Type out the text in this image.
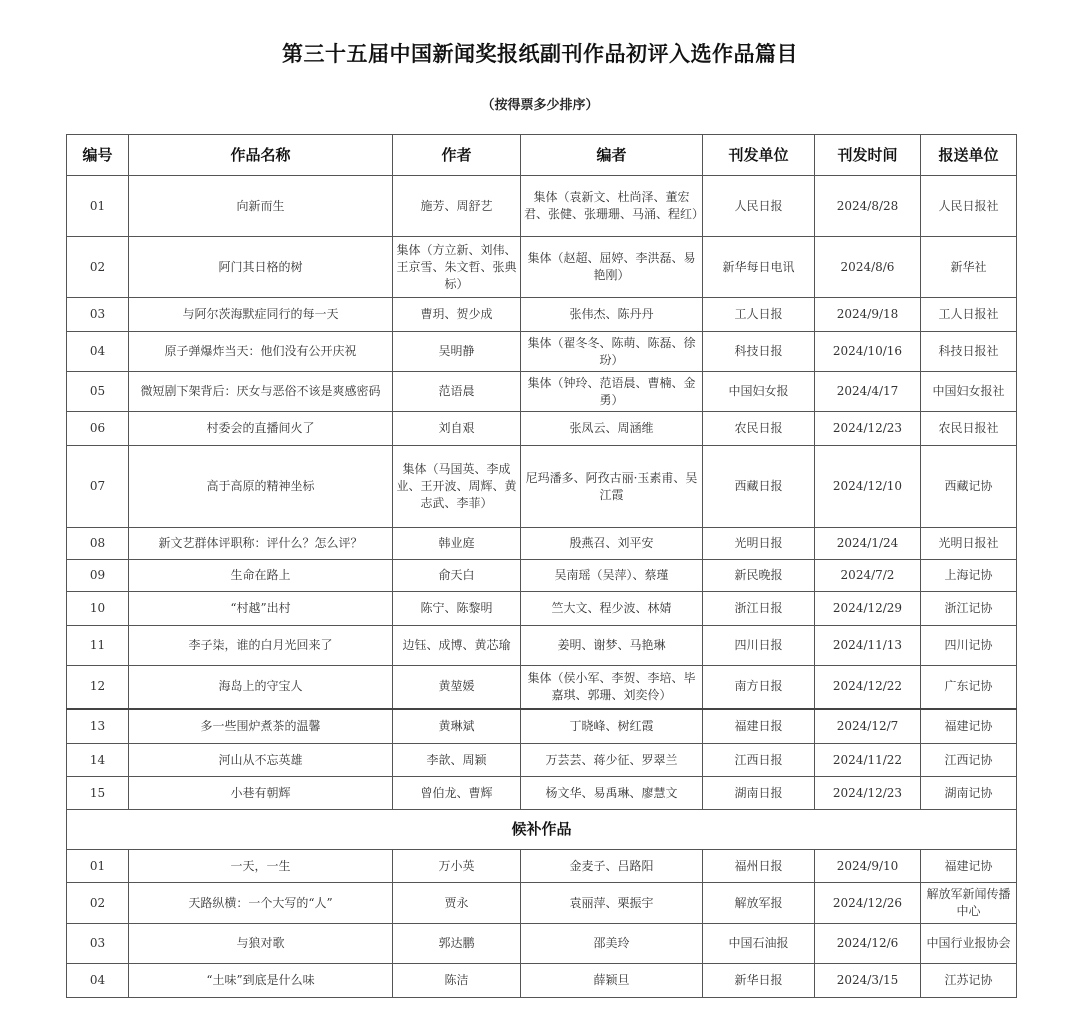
第三十五届中国新闻奖报纸副刊作品初评入选作品篇目
（按得票多少排序）
编号	作品名称	作者	编者	刊发单位	刊发时间	报送单位
01	向新而生	施芳、周舒艺	集体（袁新文、杜尚泽、董宏君、张健、张珊珊、马涌、程红）	人民日报	2024/8/28	人民日报社
02	阿门其日格的树	集体（方立新、刘伟、王京雪、朱文哲、张典标）	集体（赵超、屈婷、李洪磊、易艳刚）	新华每日电讯	2024/8/6	新华社
03	与阿尔茨海默症同行的每一天	曹玥、贺少成	张伟杰、陈丹丹	工人日报	2024/9/18	工人日报社
04	原子弹爆炸当天：他们没有公开庆祝	吴明静	集体（翟冬冬、陈萌、陈磊、徐玢）	科技日报	2024/10/16	科技日报社
05	微短剧下架背后：厌女与恶俗不该是爽感密码	范语晨	集体（钟玲、范语晨、曹楠、金勇）	中国妇女报	2024/4/17	中国妇女报社
06	村委会的直播间火了	刘自艰	张凤云、周涵维	农民日报	2024/12/23	农民日报社
07	高于高原的精神坐标	集体（马国英、李成业、王开波、周辉、黄志武、李菲）	尼玛潘多、阿孜古丽·玉素甫、吴江霞	西藏日报	2024/12/10	西藏记协
08	新文艺群体评职称：评什么？怎么评？	韩业庭	殷燕召、刘平安	光明日报	2024/1/24	光明日报社
09	生命在路上	俞天白	吴南瑶（吴萍）、蔡瑾	新民晚报	2024/7/2	上海记协
10	“村越”出村	陈宁、陈黎明	竺大文、程少波、林婧	浙江日报	2024/12/29	浙江记协
11	李子柒，谁的白月光回来了	边钰、成博、黄芯瑜	姜明、谢梦、马艳琳	四川日报	2024/11/13	四川记协
12	海岛上的守宝人	黄堃媛	集体（侯小军、李贺、李培、毕嘉琪、郭珊、刘奕伶）	南方日报	2024/12/22	广东记协
13	多一些围炉煮茶的温馨	黄琳斌	丁晓峰、树红霞	福建日报	2024/12/7	福建记协
14	河山从不忘英雄	李歆、周颖	万芸芸、蒋少征、罗翠兰	江西日报	2024/11/22	江西记协
15	小巷有朝辉	曾伯龙、曹辉	杨文华、易禹琳、廖慧文	湖南日报	2024/12/23	湖南记协
候补作品						
01	一天，一生	万小英	金麦子、吕路阳	福州日报	2024/9/10	福建记协
02	天路纵横：一个大写的“人”	贾永	袁丽萍、栗振宇	解放军报	2024/12/26	解放军新闻传播中心
03	与狼对歌	郭达鹏	邵美玲	中国石油报	2024/12/6	中国行业报协会
04	“土味”到底是什么味	陈洁	薛颖旦	新华日报	2024/3/15	江苏记协
